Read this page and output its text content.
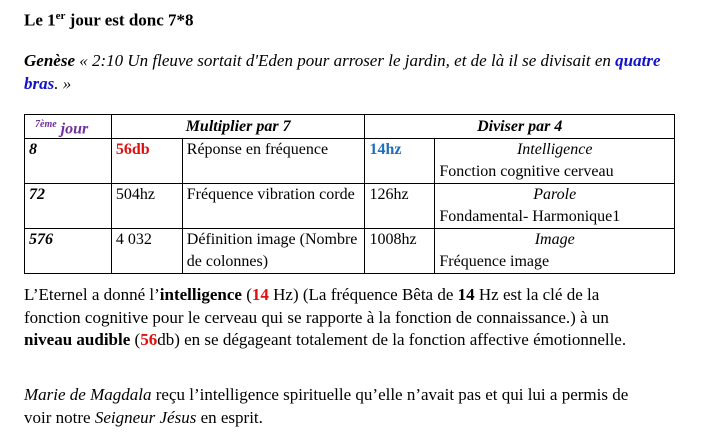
Le 1er jour est donc 7*8
Genèse « 2:10 Un fleuve sortait d'Eden pour arroser le jardin, et de là il se divisait en quatre bras. »
$^{7ème}$ jour	Multiplier par 7		Diviser par 4	
8	56db	Réponse en fréquence	14hz	Intelligence
Fonction cognitive cerveau
72	504hz	Fréquence vibration corde	126hz	Parole
Fondamental- Harmonique1
576	4 032	Définition image (Nombre de colonnes)	1008hz	Image
Fréquence image
L’Eternel a donné l’intelligence (14 Hz) (La fréquence Bêta de 14 Hz est la clé de la fonction cognitive pour le cerveau qui se rapporte à la fonction de connaissance.) à un niveau audible (56db) en se dégageant totalement de la fonction affective émotionnelle.
Marie de Magdala reçu l’intelligence spirituelle qu’elle n’avait pas et qui lui a permis de voir notre Seigneur Jésus en esprit.
